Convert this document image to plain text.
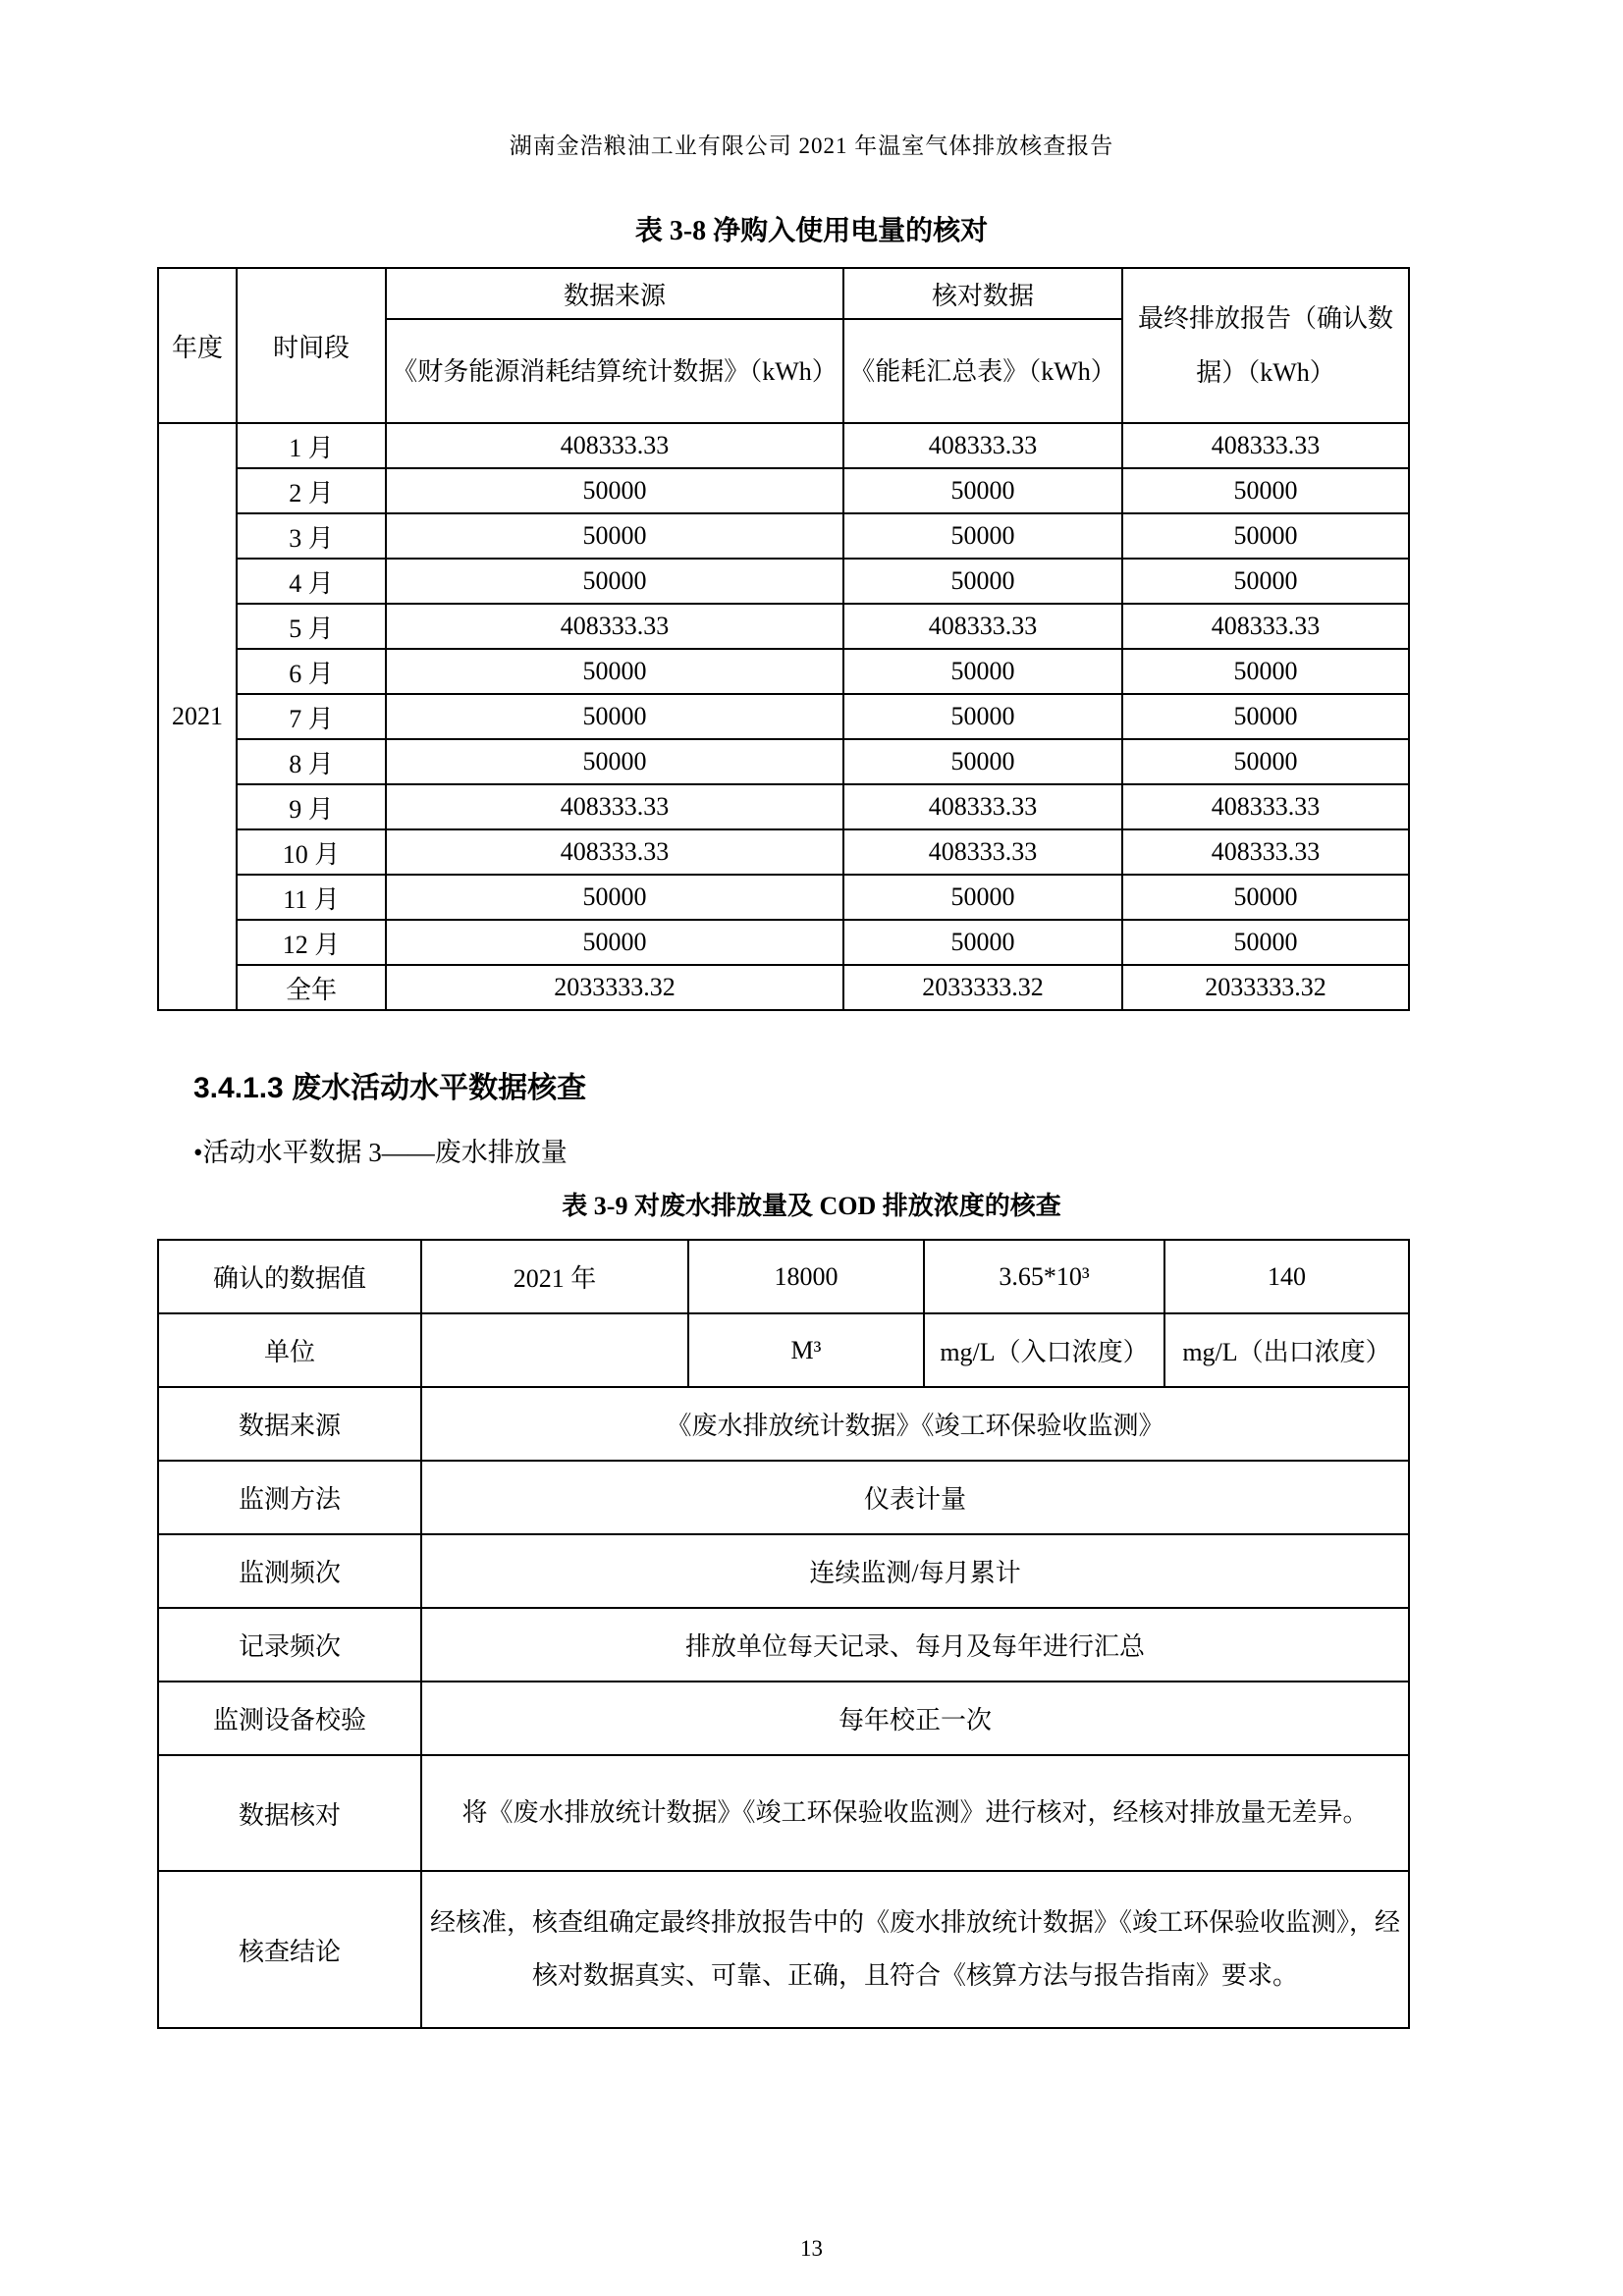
湖南金浩粮油工业有限公司 2021 年温室气体排放核查报告
表 3-8 净购入使用电量的核对
年度	时间段	数据来源	核对数据	最终排放报告（确认数据）（kWh）
		《财务能源消耗结算统计数据》（kWh）	《能耗汇总表》（kWh）	
2021	1 月	408333.33	408333.33	408333.33
	2 月	50000	50000	50000
	3 月	50000	50000	50000
	4 月	50000	50000	50000
	5 月	408333.33	408333.33	408333.33
	6 月	50000	50000	50000
	7 月	50000	50000	50000
	8 月	50000	50000	50000
	9 月	408333.33	408333.33	408333.33
	10 月	408333.33	408333.33	408333.33
	11 月	50000	50000	50000
	12 月	50000	50000	50000
	全年	2033333.32	2033333.32	2033333.32
3.4.1.3 废水活动水平数据核查
•活动水平数据 3——废水排放量
表 3-9 对废水排放量及 COD 排放浓度的核查
确认的数据值	2021 年	18000	3.65*10³	140
单位		M³	mg/L（入口浓度）	mg/L（出口浓度）
数据来源	《废水排放统计数据》《竣工环保验收监测》			
监测方法	仪表计量			
监测频次	连续监测/每月累计			
记录频次	排放单位每天记录、每月及每年进行汇总			
监测设备校验	每年校正一次			
数据核对	将《废水排放统计数据》《竣工环保验收监测》进行核对，经核对排放量无差异。			
核查结论	经核准，核查组确定最终排放报告中的《废水排放统计数据》《竣工环保验收监测》，经核对数据真实、可靠、正确，且符合《核算方法与报告指南》要求。			
13
